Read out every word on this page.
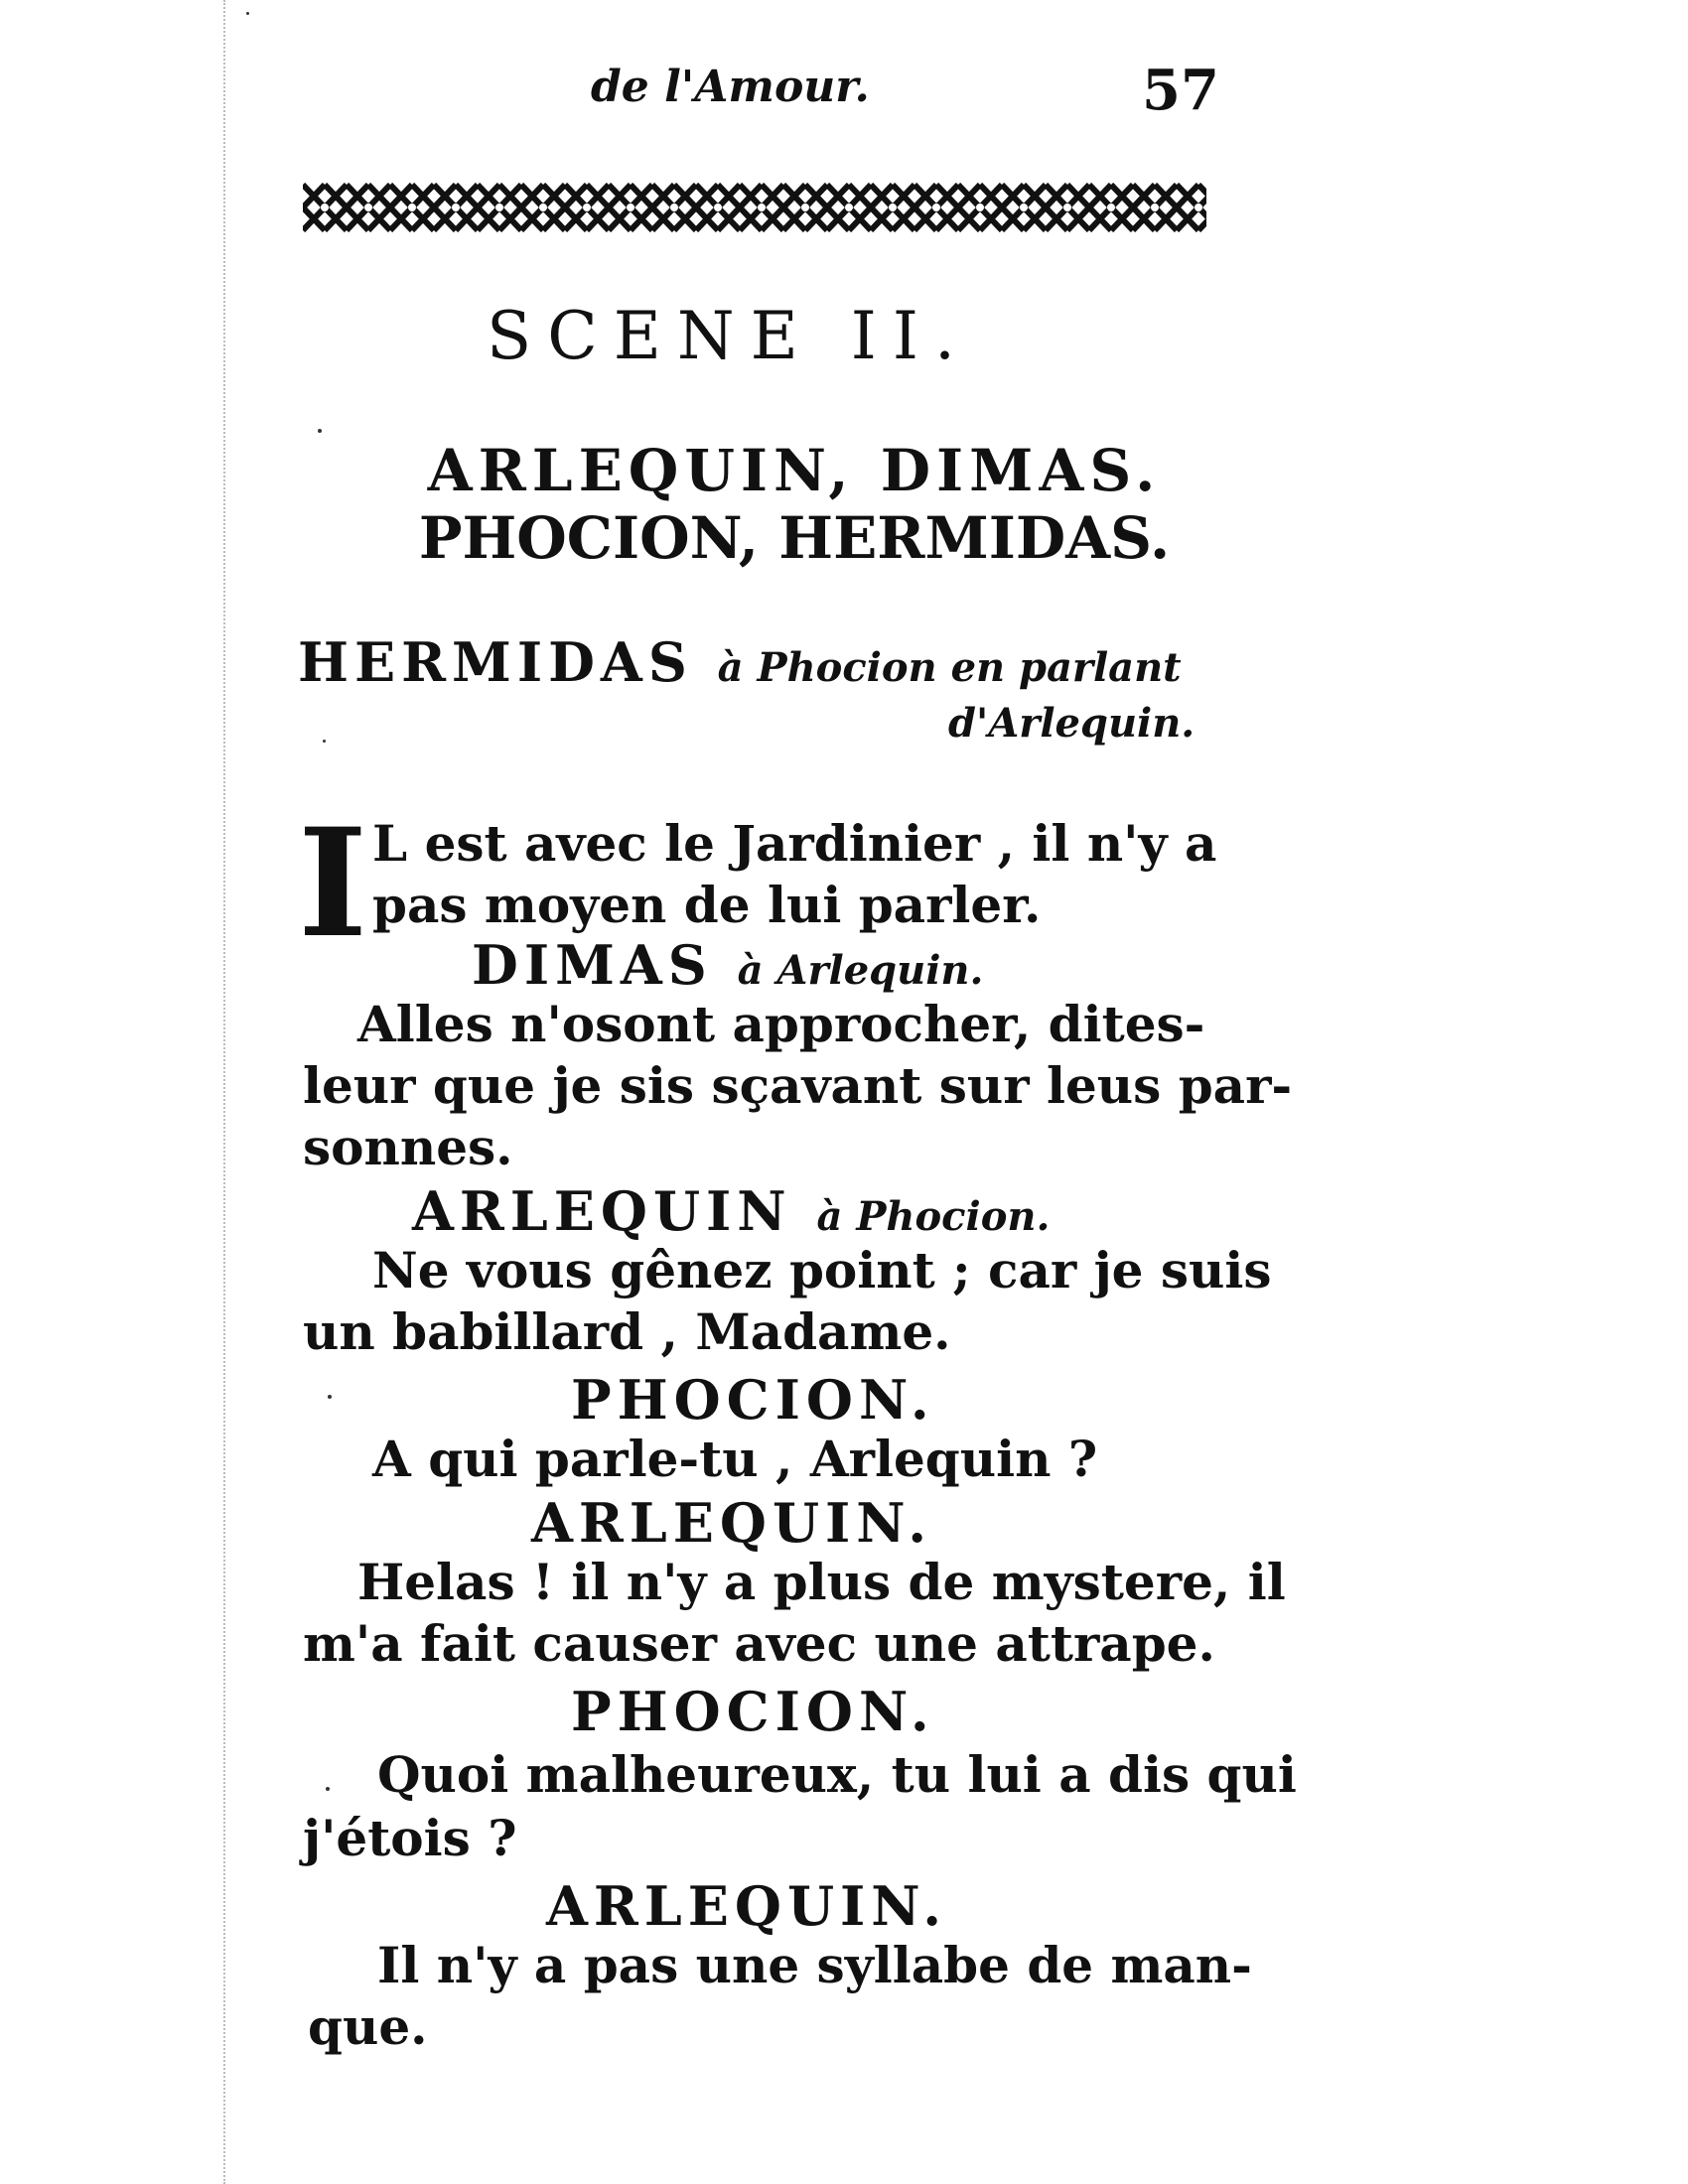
de l'Amour.	57
SCENE II.
ARLEQUIN, DIMAS.
PHOCION, HERMIDAS.
HERMIDAS à Phocion en parlant
d'Arlequin.
I L est avec le Jardinier , il n'y a
pas moyen de lui parler.
DIMAS à Arlequin.
Alles n'osont approcher, dites-
leur que je sis sçavant sur leus par-
sonnes.
ARLEQUIN à Phocion.
Ne vous gênez point ; car je suis
un babillard , Madame.
PHOCION.
A qui parle-tu , Arlequin ?
ARLEQUIN.
Helas ! il n'y a plus de mystere, il
m'a fait causer avec une attrape.
PHOCION.
Quoi malheureux, tu lui a dis qui
j'étois ?
ARLEQUIN.
Il n'y a pas une syllabe de man-
que.
